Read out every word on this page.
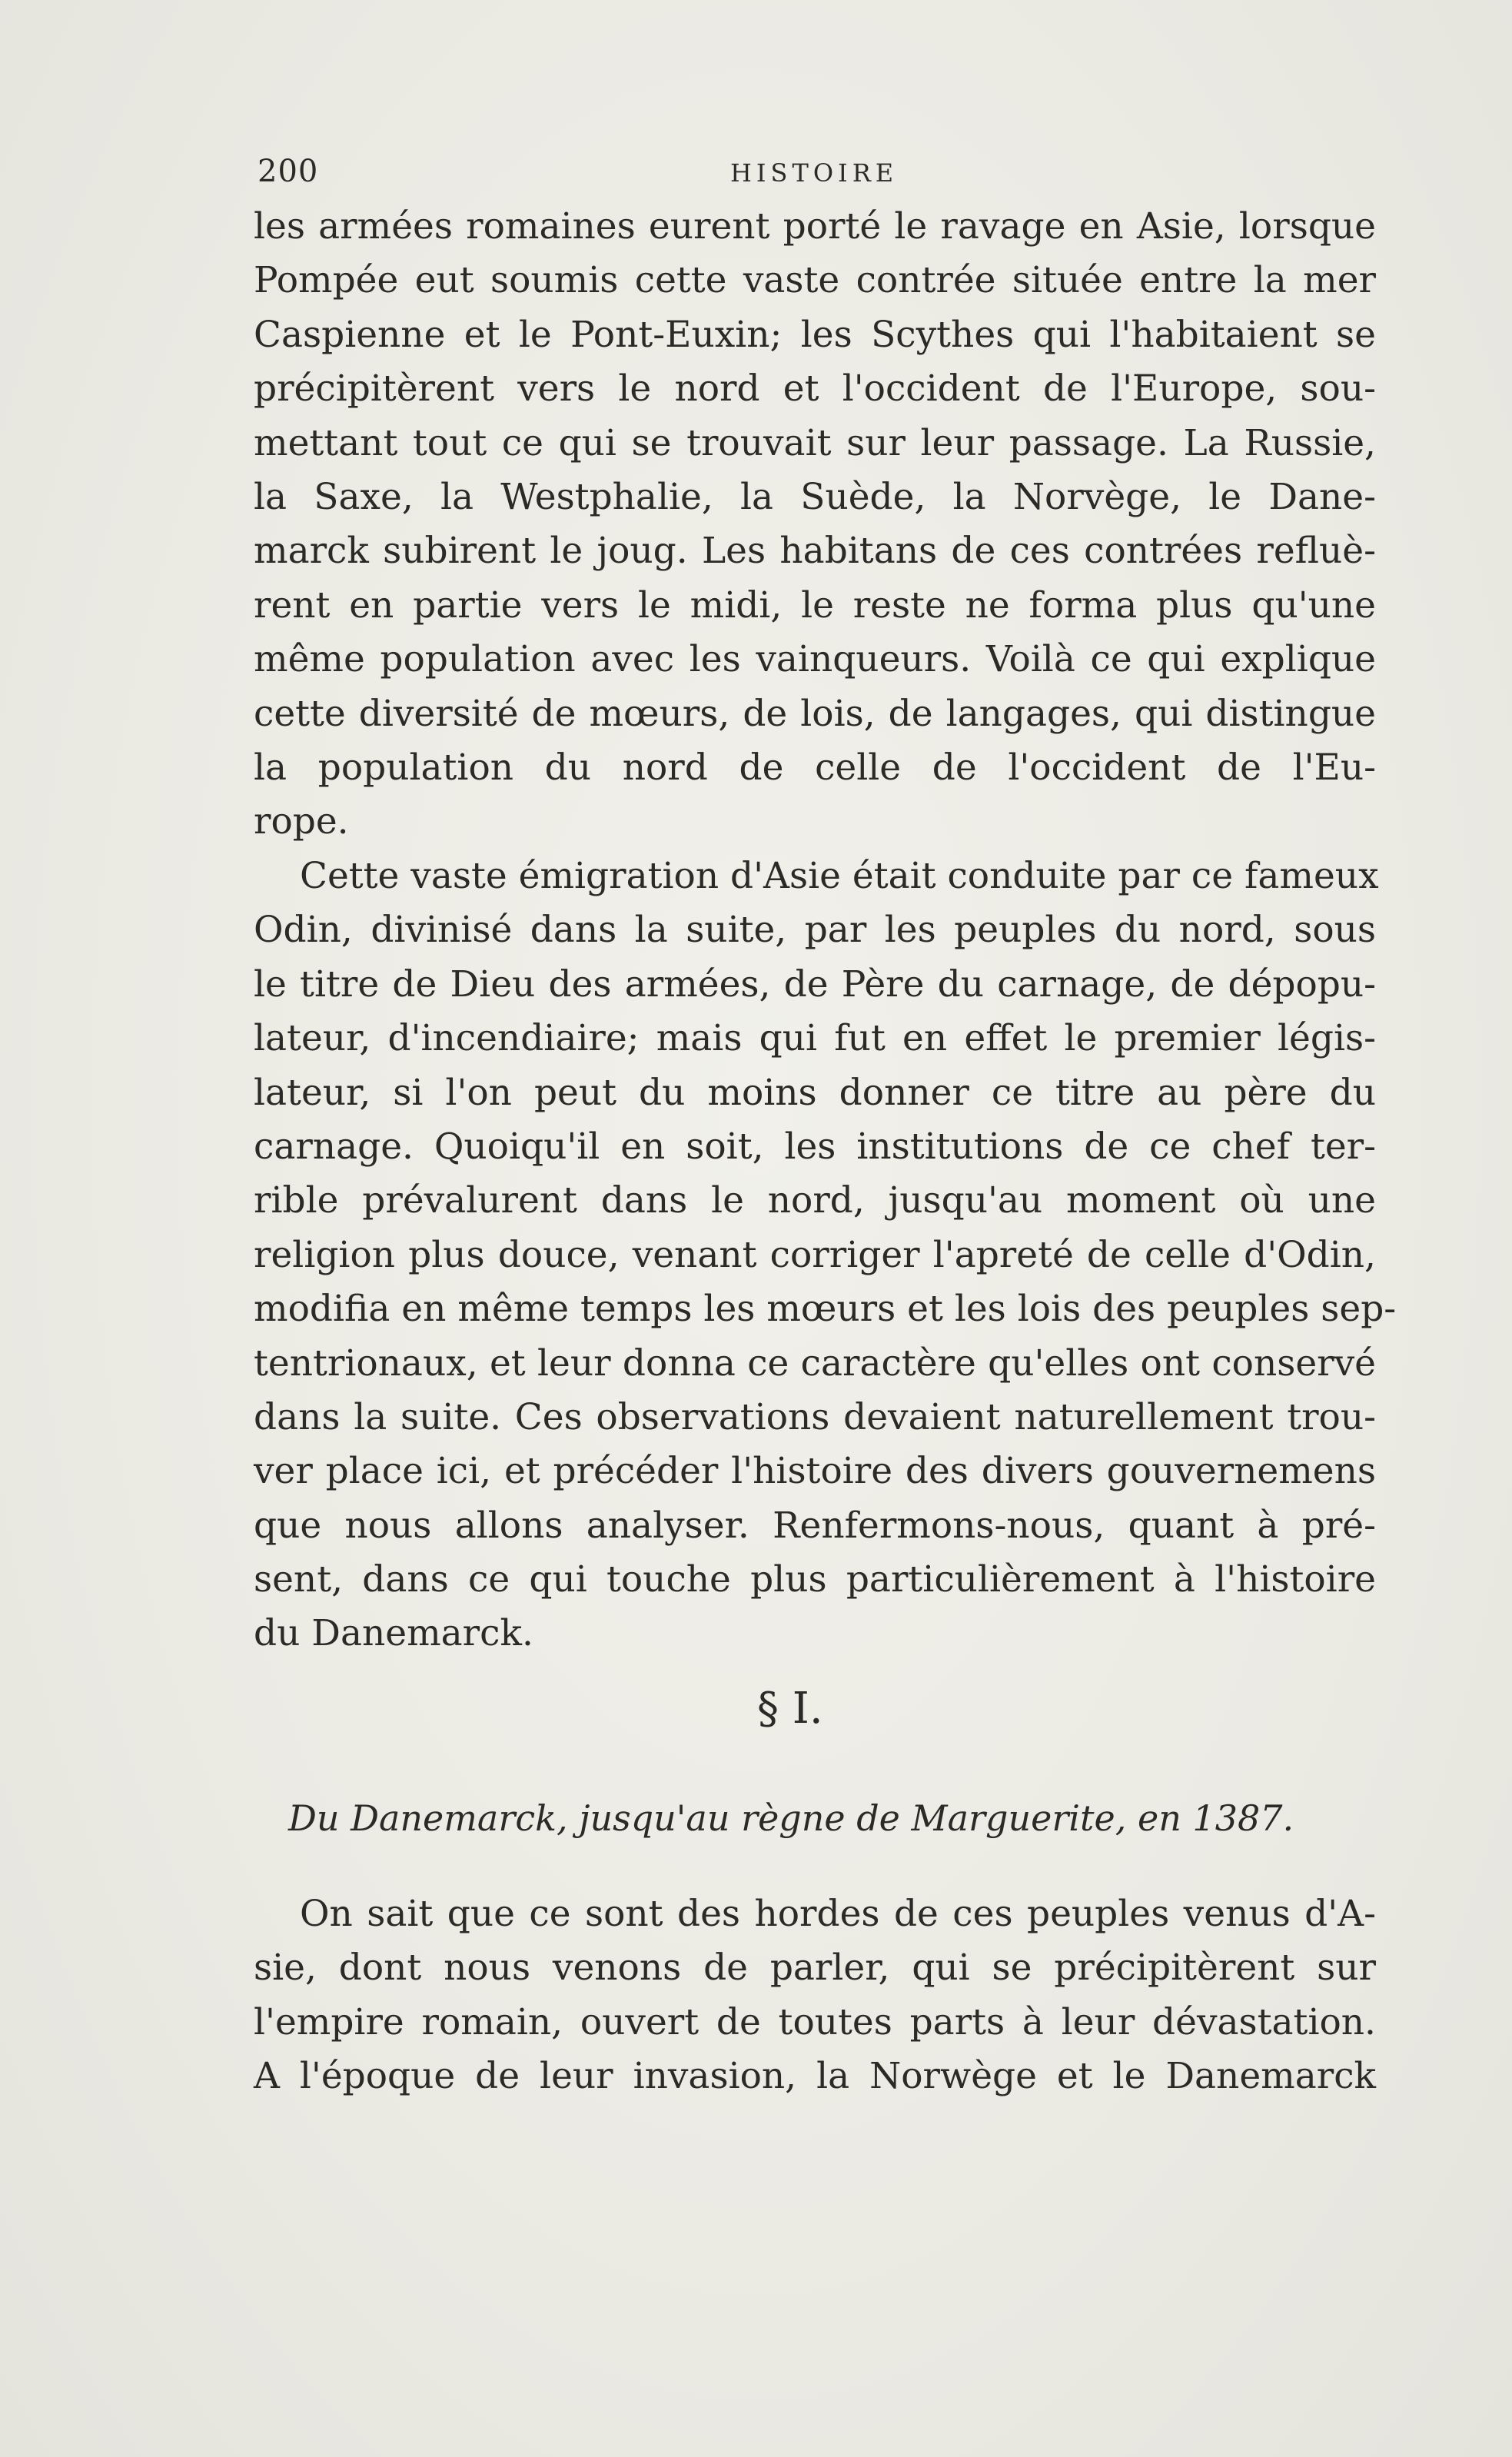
200	HISTOIRE
les armées romaines eurent porté le ravage en Asie, lorsque
Pompée eut soumis cette vaste contrée située entre la mer
Caspienne et le Pont-Euxin; les Scythes qui l'habitaient se
précipitèrent vers le nord et l'occident de l'Europe, sou-
mettant tout ce qui se trouvait sur leur passage. La Russie,
la Saxe, la Westphalie, la Suède, la Norvège, le Dane-
marck subirent le joug. Les habitans de ces contrées refluè-
rent en partie vers le midi, le reste ne forma plus qu'une
même population avec les vainqueurs. Voilà ce qui explique
cette diversité de mœurs, de lois, de langages, qui distingue
la population du nord de celle de l'occident de l'Eu-
rope.
Cette vaste émigration d'Asie était conduite par ce fameux
Odin, divinisé dans la suite, par les peuples du nord, sous
le titre de Dieu des armées, de Père du carnage, de dépopu-
lateur, d'incendiaire; mais qui fut en effet le premier légis-
lateur, si l'on peut du moins donner ce titre au père du
carnage. Quoiqu'il en soit, les institutions de ce chef ter-
rible prévalurent dans le nord, jusqu'au moment où une
religion plus douce, venant corriger l'apreté de celle d'Odin,
modifia en même temps les mœurs et les lois des peuples sep-
tentrionaux, et leur donna ce caractère qu'elles ont conservé
dans la suite. Ces observations devaient naturellement trou-
ver place ici, et précéder l'histoire des divers gouvernemens
que nous allons analyser. Renfermons-nous, quant à pré-
sent, dans ce qui touche plus particulièrement à l'histoire
du Danemarck.
§ I.
Du Danemarck, jusqu'au règne de Marguerite, en 1387.
On sait que ce sont des hordes de ces peuples venus d'A-
sie, dont nous venons de parler, qui se précipitèrent sur
l'empire romain, ouvert de toutes parts à leur dévastation.
A l'époque de leur invasion, la Norwège et le Danemarck
